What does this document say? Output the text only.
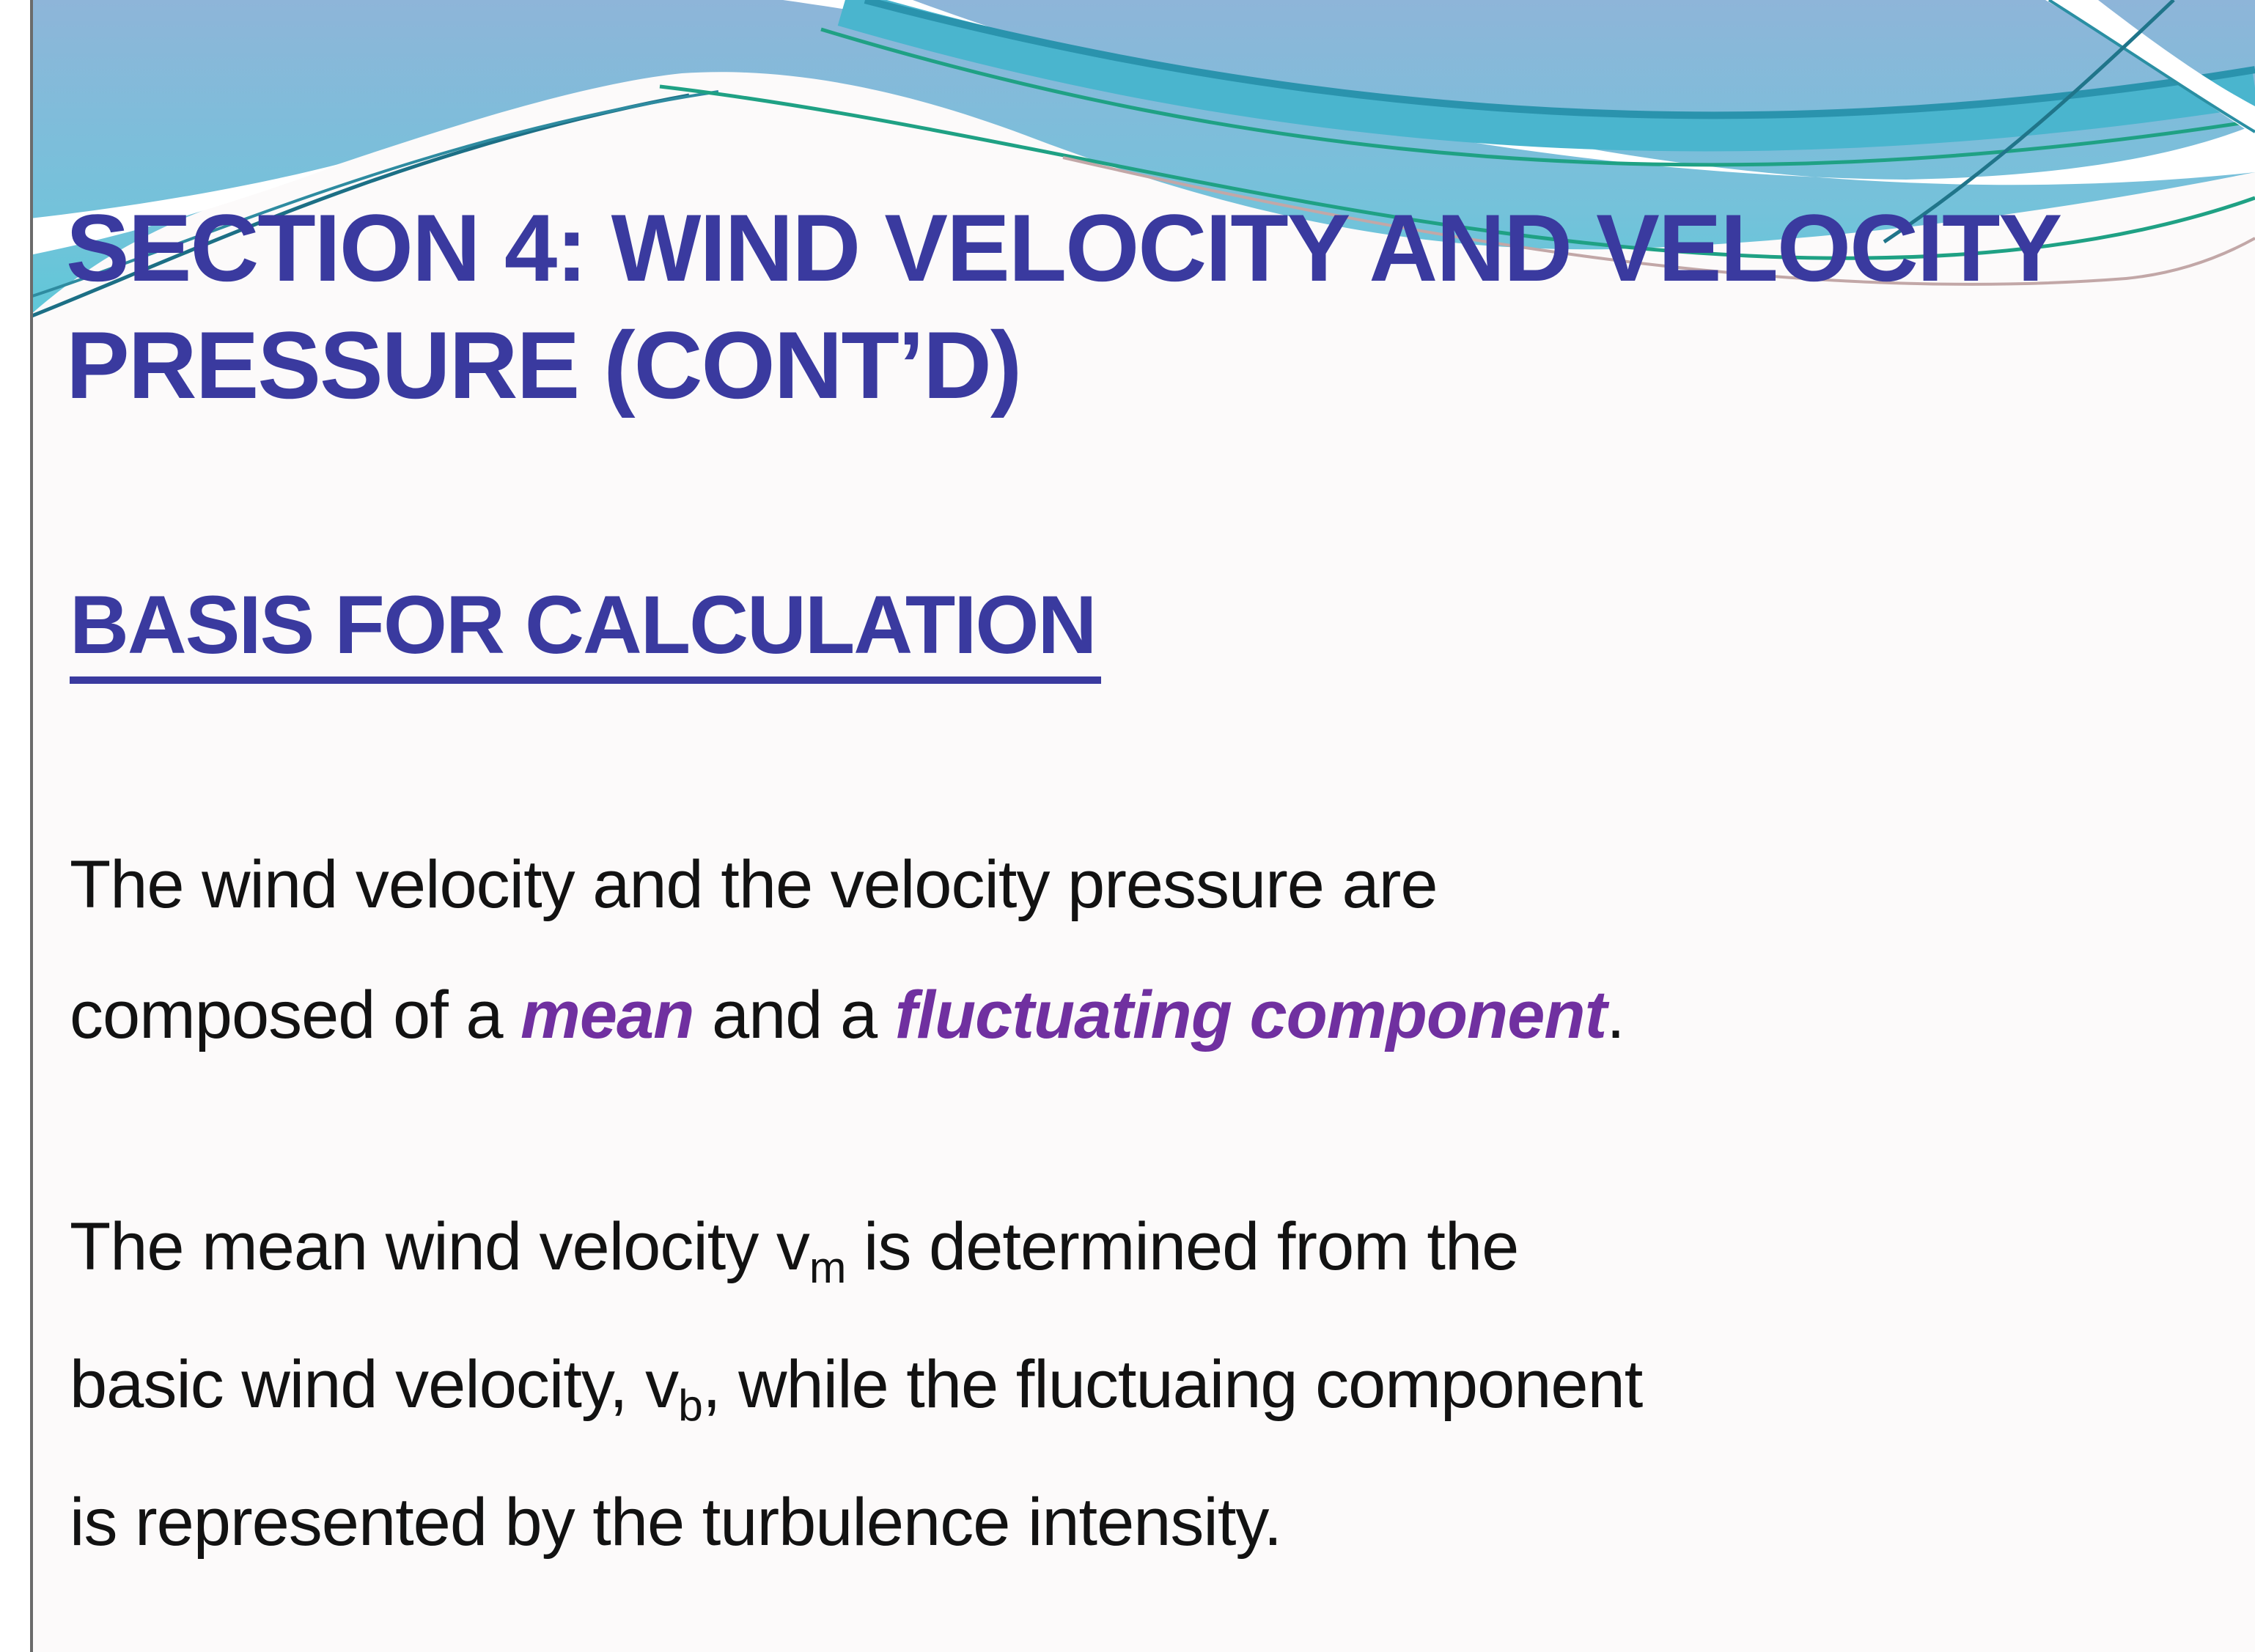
SECTION 4: WIND VELOCITY AND VELOCITY
PRESSURE (CONT’D)
BASIS FOR CALCULATION
The wind velocity and the velocity pressure are
composed of a mean and a fluctuating component.
The mean wind velocity vm is determined from the
basic wind velocity, vb, while the fluctuaing component
is represented by the turbulence intensity.
